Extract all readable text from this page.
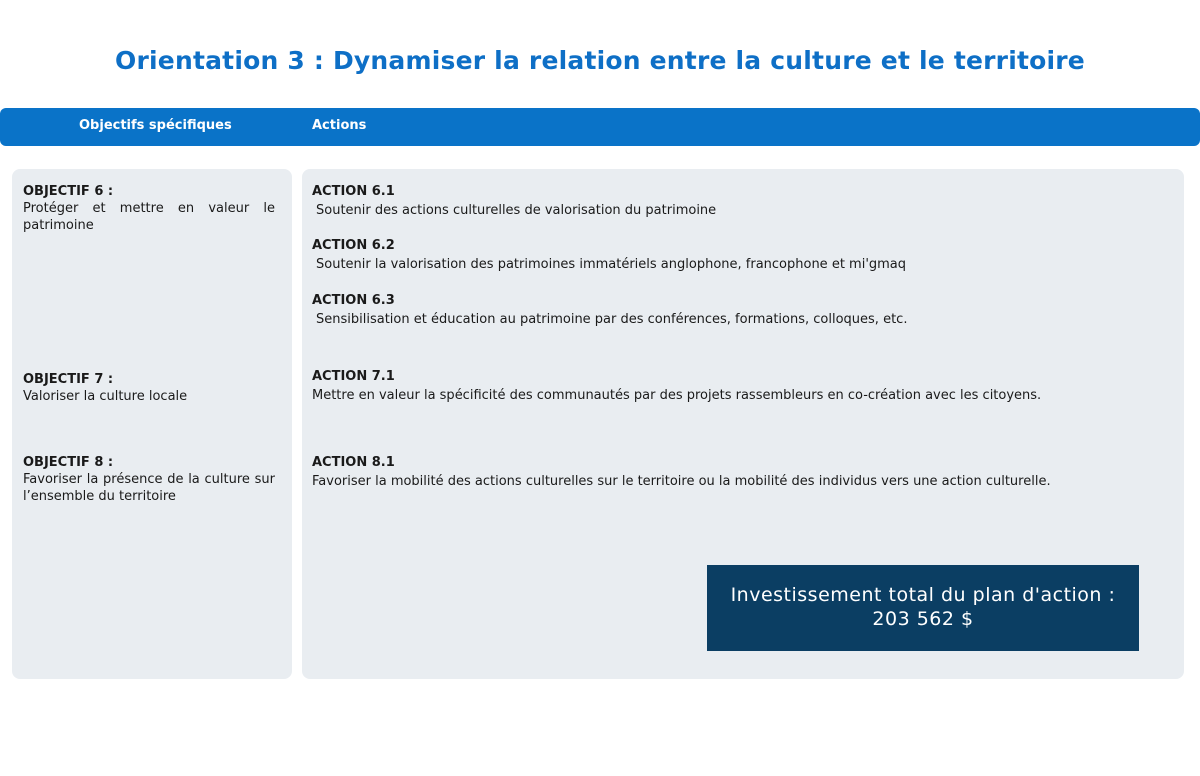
Orientation 3 : Dynamiser la relation entre la culture et le territoire
Objectifs spécifiques	Actions
OBJECTIF 6 :
Protéger et mettre en valeur le patrimoine
OBJECTIF 7 :
Valoriser la culture locale
OBJECTIF 8 :
Favoriser la présence de la culture sur l’ensemble du territoire
ACTION 6.1
Soutenir des actions culturelles de valorisation du patrimoine
ACTION 6.2
Soutenir la valorisation des patrimoines immatériels anglophone, francophone et mi'gmaq
ACTION 6.3
Sensibilisation et éducation au patrimoine par des conférences, formations, colloques, etc.
ACTION 7.1
Mettre en valeur la spécificité des communautés par des projets rassembleurs en co-création avec les citoyens.
ACTION 8.1
Favoriser la mobilité des actions culturelles sur le territoire ou la mobilité des individus vers une action culturelle.
Investissement total du plan d'action :
203 562 $
